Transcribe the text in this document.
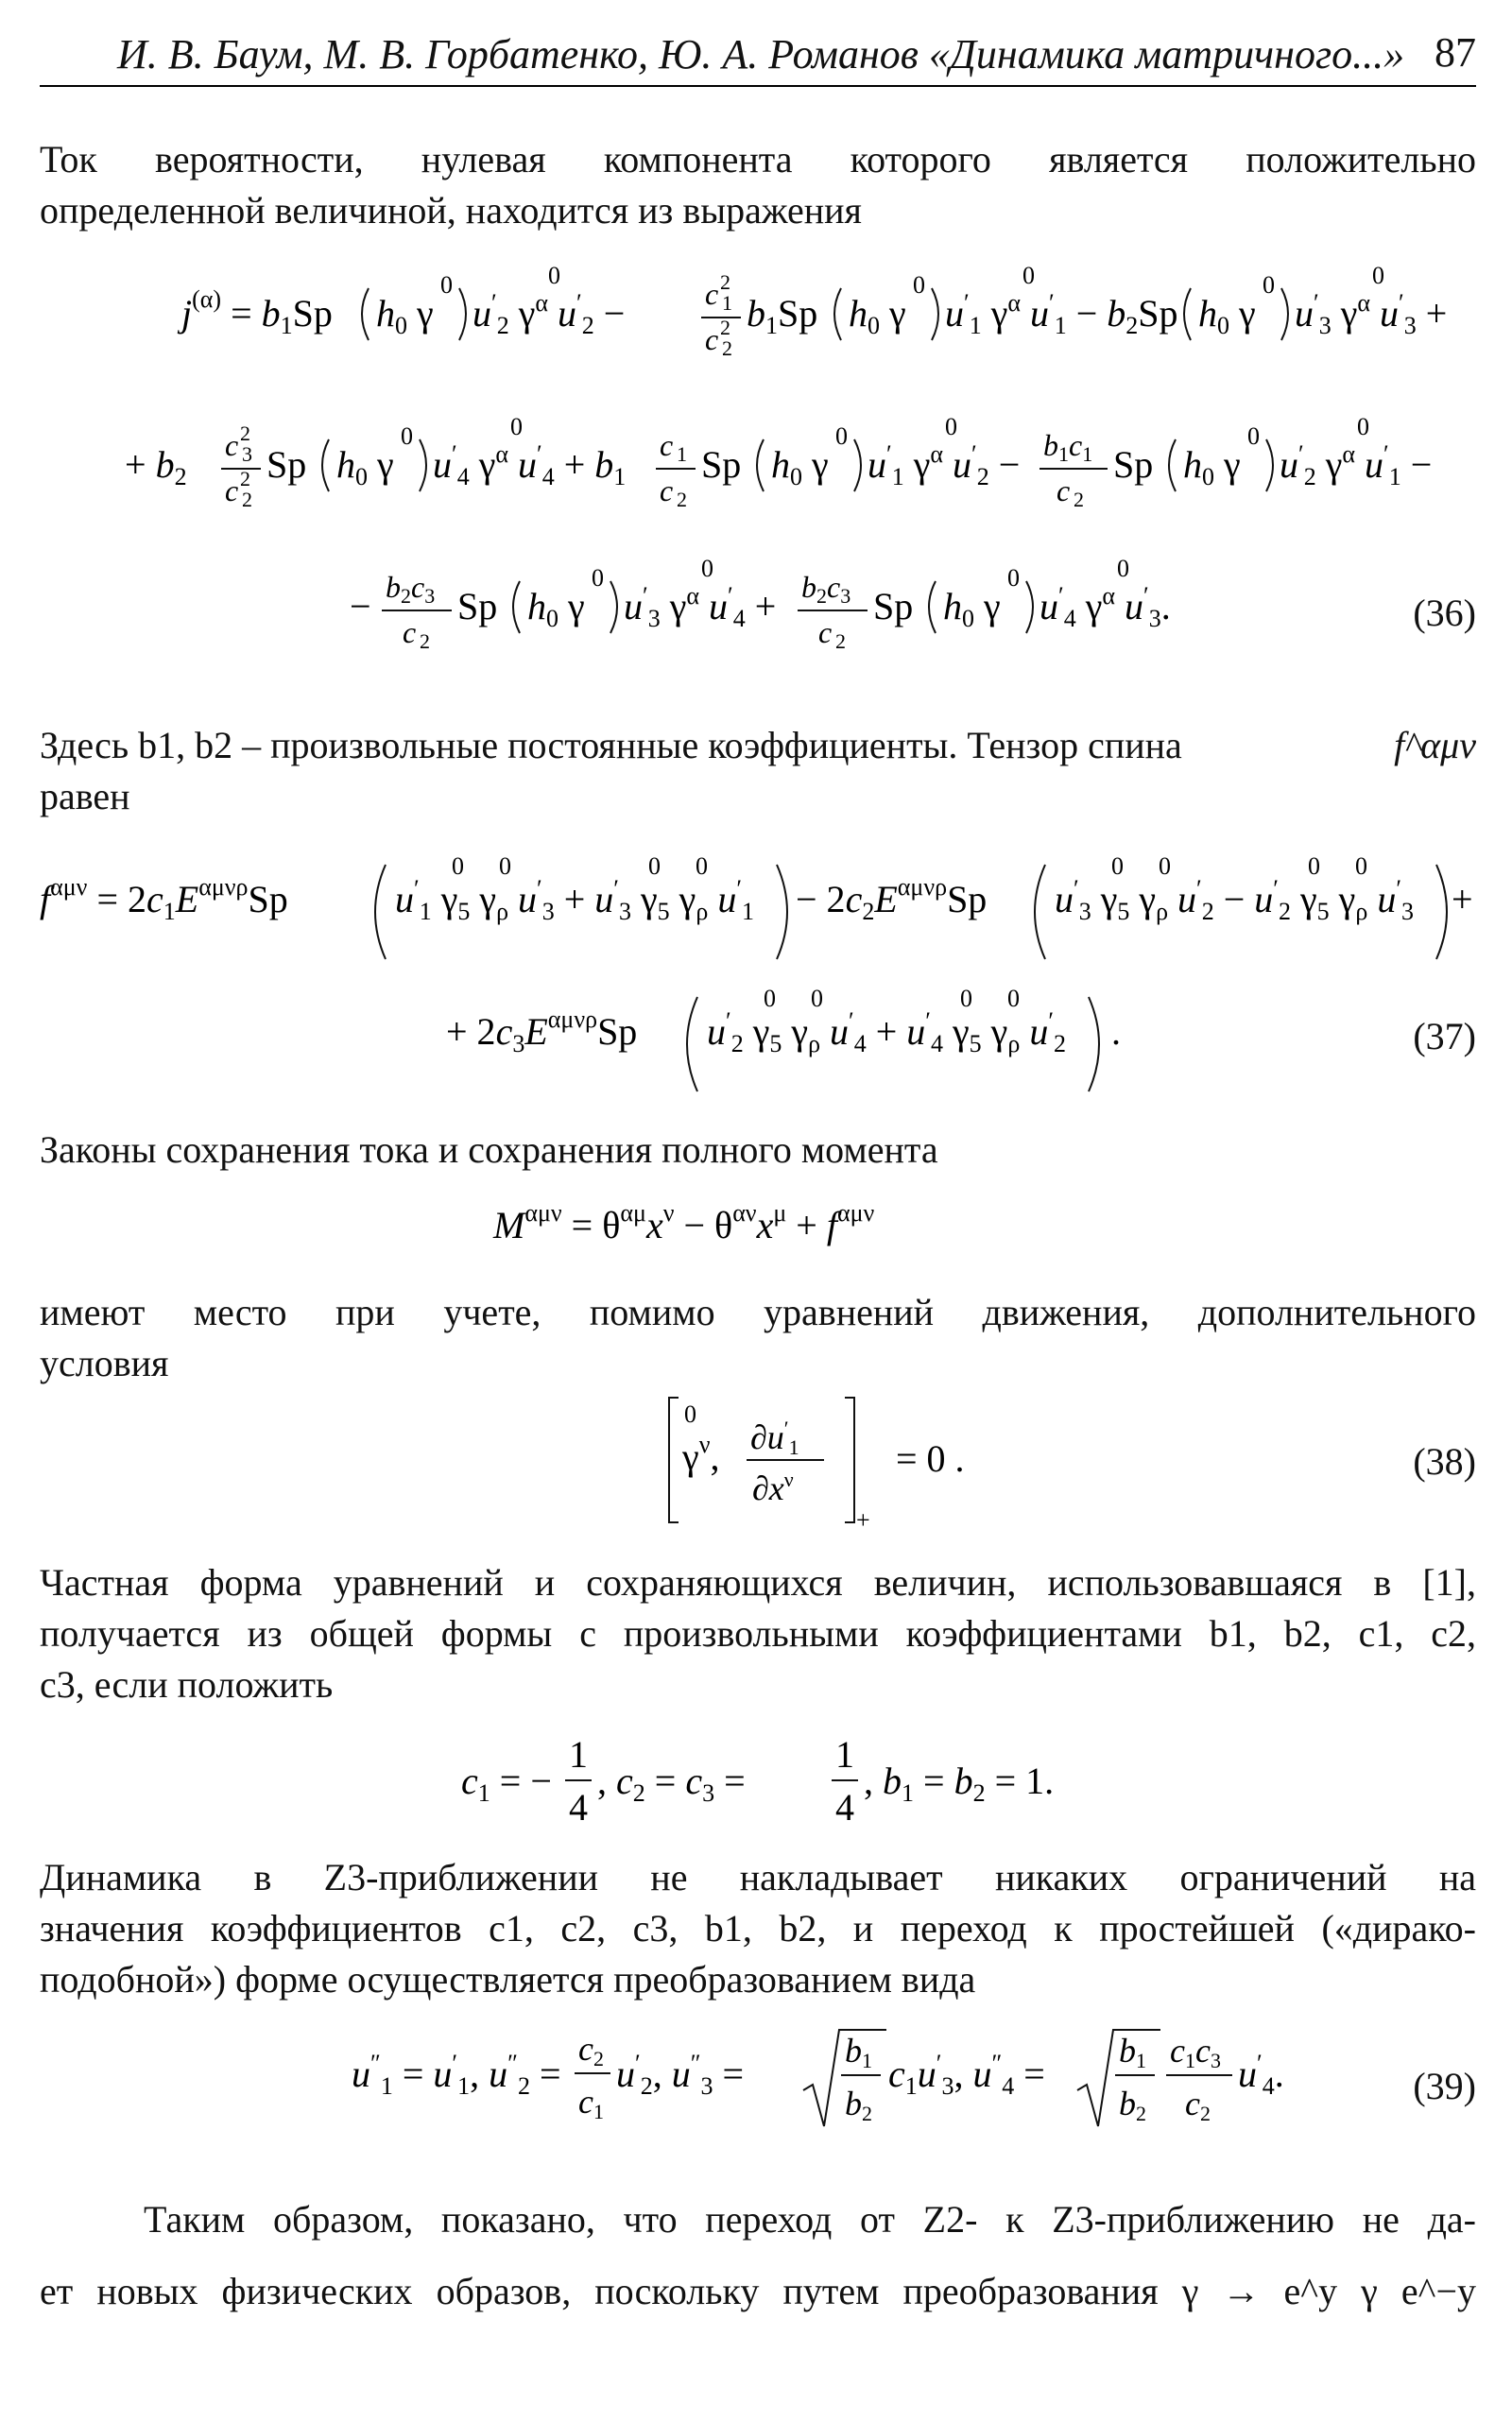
И. В. Баум, М. В. Горбатенко, Ю. А. Романов «Динамика матричного...» 87
Ток вероятности, нулевая компонента которого является положительно
определенной величиной, находится из выражения
$j^{(\alpha)} = b_1Sp$ $h_0$ γ
0
$u'_2$ $\gamma^\alpha$ $u'_2$ −
0
c 1
2
c 2
2 $b_1Sp$ $h_0$ γ
0
$u'_1$ $\gamma^\alpha$ $u'_1 - b_2Sp$
0
$h_0$ γ
0
$u'_3$ $\gamma^\alpha$ $u'_3$ +
0
+ $b_2$
c 3
2
c 2
2 Sp $h_0$ γ
0
$u'_4$ $\gamma^\alpha$ $u'_4 + b_1$
0
c 1
c 2
Sp $h_0$ γ
0
$u'_1$ $\gamma^\alpha$ $u'_2$ −
0
b1c1
c 2
Sp $h_0$ γ
0
$u'_2$ $\gamma^\alpha$ $u'_1$ −
0
− b2c3
c 2
Sp $h_0$ γ
0
$u'_3$ $\gamma^\alpha$ $u'_4$ +
0
b2c3
c 2
Sp $h_0$ γ
0
$u'_4$ $\gamma^\alpha$ $u'_3$.
0
(36)
Здесь b1, b2 – произвольные постоянные коэффициенты. Тензор спина	f^αμν
равен
$f^{\alpha\mu\nu} = 2c_1E^{\alpha\mu\nu\rho}Sp$	$u'_1$ $\gamma_5$ $\gamma_\rho$ $u'_3 + u'_3$ $\gamma_5$ $\gamma_\rho$ $u'_1$
0 0	0 0
− $2c_2E^{\alpha\mu\nu\rho}Sp$ $u'_3$ $\gamma_5$ $\gamma_\rho$ $u'_2 - u'_2$ $\gamma_5$ $\gamma_\rho$ $u'_3$
0 0	0 0
+
+ $2c_3E^{\alpha\mu\nu\rho}Sp$ $u'_2$ $\gamma_5$ $\gamma_\rho$ $u'_4 + u'_4$ $\gamma_5$ $\gamma_\rho$ $u'_2$
0 0	0 0
.	(37)
Законы сохранения тока и сохранения полного момента
$M^{\alpha\mu\nu} = \theta^{\alpha\mu}x^\nu - \theta^{\alpha\nu}x^\mu + f^{\alpha\mu\nu}$
имеют место при учете, помимо уравнений движения, дополнительного
условия
0
$\gamma^\nu$, $\partial u'_1$
$\partial x^\nu$
+
= 0 .	(38)
Частная форма уравнений и сохраняющихся величин, использовавшаяся в [1],
получается из общей формы с произвольными коэффициентами b1, b2, c1, c2,
c3, если положить
$c_1$ = −
1
4
, $c_2 = c_3$ =
1
4
, $b_1 = b_2 = 1$.
Динамика в Z3-приближении не накладывает никаких ограничений на
значения коэффициентов c1, c2, c3, b1, b2, и переход к простейшей («дирако-
подобной») форме осуществляется преобразованием вида
$u''_1 = u'_1$, $u''_2$ =
c2
c1
$u'_2$, $u''_3$ =
b1
b2
$c_1u'_3$, $u''_4$ =
b1
b2
c1c3
c2
$u'_4$.	(39)
Таким образом, показано, что переход от Z2- к Z3-приближению не да-
ет новых физических образов, поскольку путем преобразования γ → e^y γ e^−y
